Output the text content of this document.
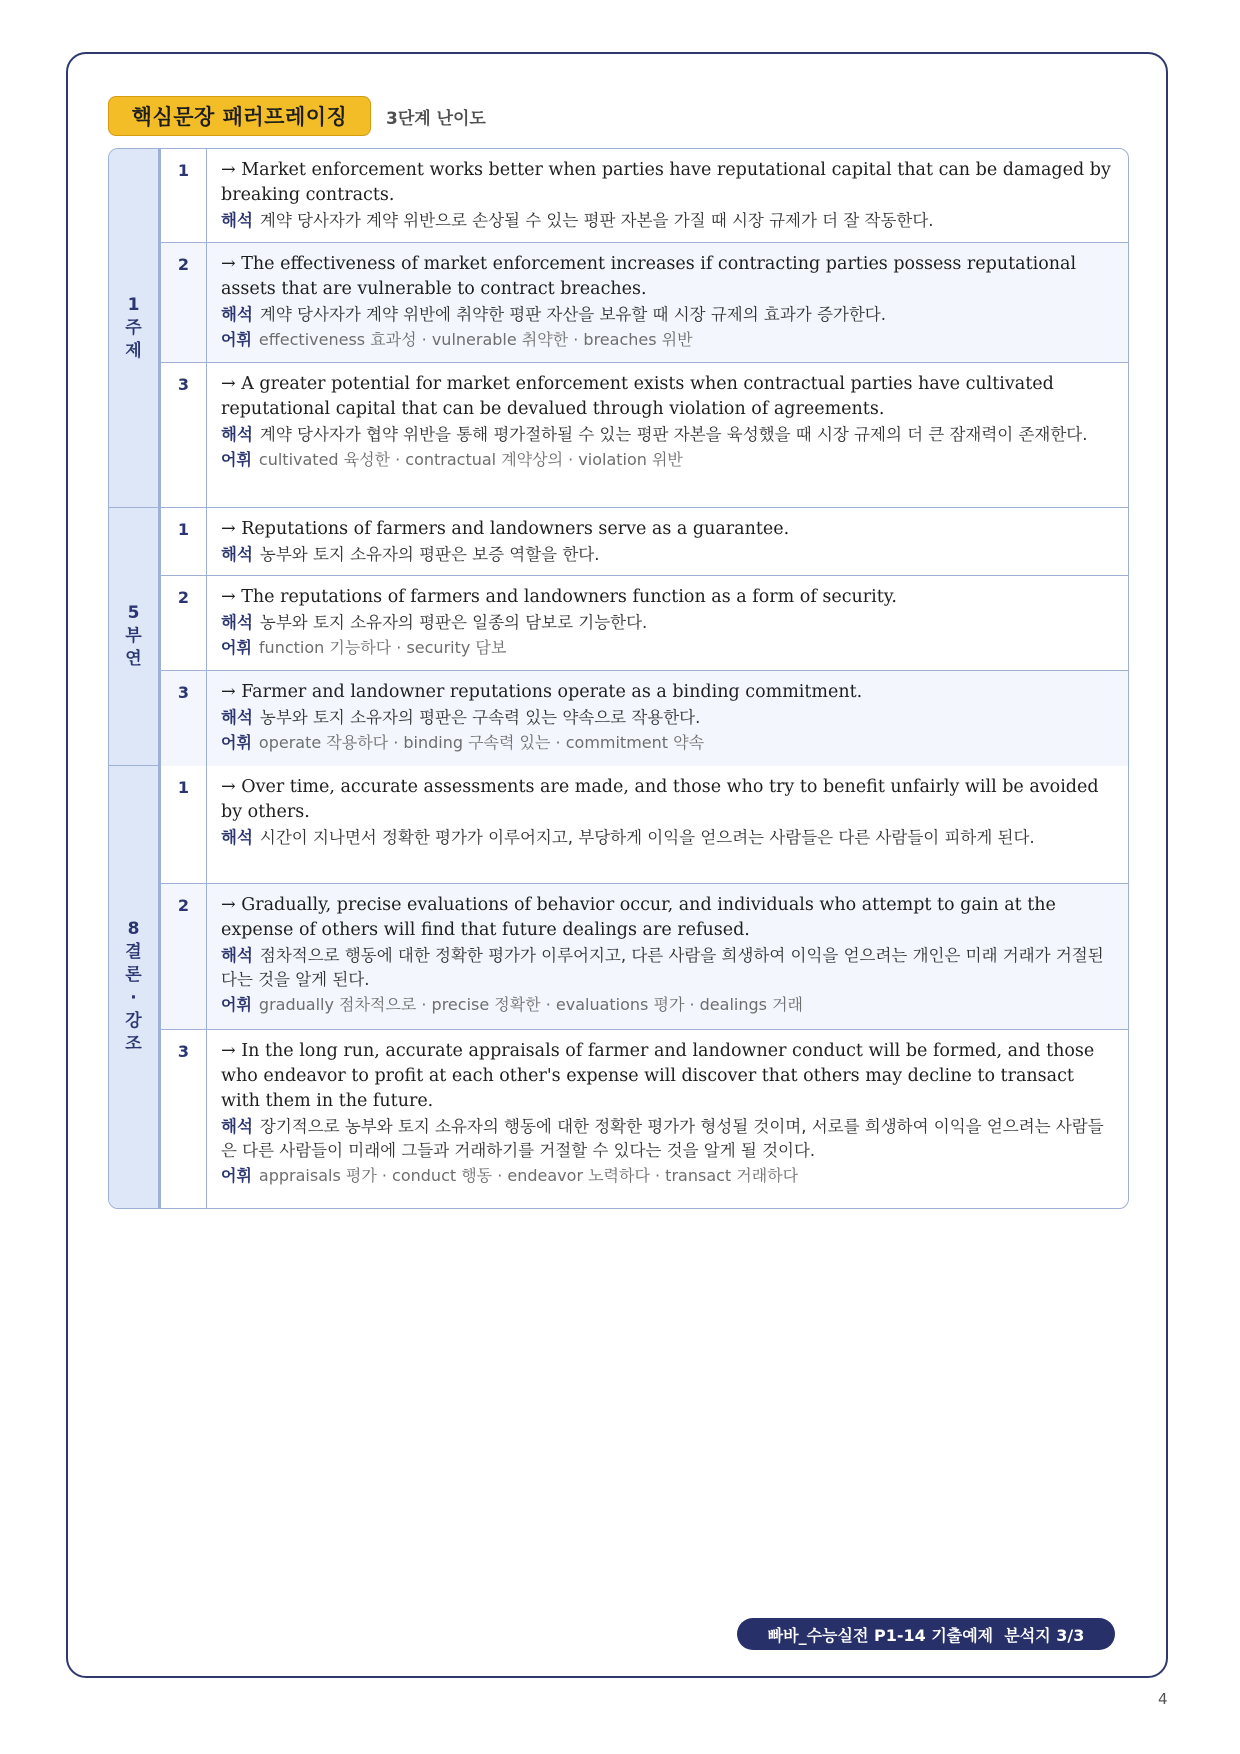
핵심문장 패러프레이징	3단계 난이도
1 주제
1	→ Market enforcement works better when parties have reputational capital that can be damaged by breaking contracts.
해석 계약 당사자가 계약 위반으로 손상될 수 있는 평판 자본을 가질 때 시장 규제가 더 잘 작동한다.
2	→ The effectiveness of market enforcement increases if contracting parties possess reputational assets that are vulnerable to contract breaches.
해석 계약 당사자가 계약 위반에 취약한 평판 자산을 보유할 때 시장 규제의 효과가 증가한다.
어휘 effectiveness 효과성 · vulnerable 취약한 · breaches 위반
3	→ A greater potential for market enforcement exists when contractual parties have cultivated reputational capital that can be devalued through violation of agreements.
해석 계약 당사자가 협약 위반을 통해 평가절하될 수 있는 평판 자본을 육성했을 때 시장 규제의 더 큰 잠재력이 존재한다.
어휘 cultivated 육성한 · contractual 계약상의 · violation 위반
5 부연
1	→ Reputations of farmers and landowners serve as a guarantee.
해석 농부와 토지 소유자의 평판은 보증 역할을 한다.
2	→ The reputations of farmers and landowners function as a form of security.
해석 농부와 토지 소유자의 평판은 일종의 담보로 기능한다.
어휘 function 기능하다 · security 담보
3	→ Farmer and landowner reputations operate as a binding commitment.
해석 농부와 토지 소유자의 평판은 구속력 있는 약속으로 작용한다.
어휘 operate 작용하다 · binding 구속력 있는 · commitment 약속
8 결론· 강조
1	→ Over time, accurate assessments are made, and those who try to benefit unfairly will be avoided by others.
해석 시간이 지나면서 정확한 평가가 이루어지고, 부당하게 이익을 얻으려는 사람들은 다른 사람들이 피하게 된다.
2	→ Gradually, precise evaluations of behavior occur, and individuals who attempt to gain at the expense of others will find that future dealings are refused.
해석 점차적으로 행동에 대한 정확한 평가가 이루어지고, 다른 사람을 희생하여 이익을 얻으려는 개인은 미래 거래가 거절된다는 것을 알게 된다.
어휘 gradually 점차적으로 · precise 정확한 · evaluations 평가 · dealings 거래
3	→ In the long run, accurate appraisals of farmer and landowner conduct will be formed, and those who endeavor to profit at each other's expense will discover that others may decline to transact with them in the future.
해석 장기적으로 농부와 토지 소유자의 행동에 대한 정확한 평가가 형성될 것이며, 서로를 희생하여 이익을 얻으려는 사람들은 다른 사람들이 미래에 그들과 거래하기를 거절할 수 있다는 것을 알게 될 것이다.
어휘 appraisals 평가 · conduct 행동 · endeavor 노력하다 · transact 거래하다
빠바_수능실전 P1-14 기출예제  분석지 3/3
4
